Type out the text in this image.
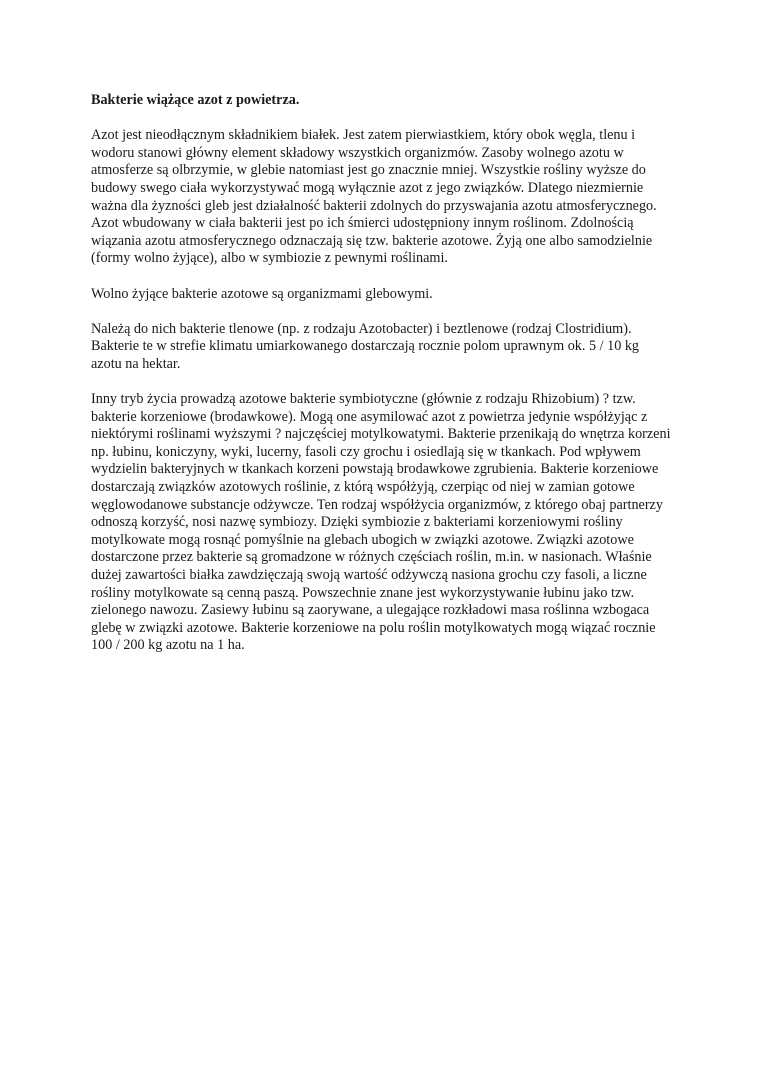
Bakterie wiążące azot z powietrza.

Azot jest nieodłącznym składnikiem białek. Jest zatem pierwiastkiem, który obok węgla, tlenu i wodoru stanowi główny element składowy wszystkich organizmów. Zasoby wolnego azotu w atmosferze są olbrzymie, w glebie natomiast jest go znacznie mniej. Wszystkie rośliny wyższe do budowy swego ciała wykorzystywać mogą wyłącznie azot z jego związków. Dlatego niezmiernie ważna dla żyzności gleb jest działalność bakterii zdolnych do przyswajania azotu atmosferycznego. Azot wbudowany w ciała bakterii jest po ich śmierci udostępniony innym roślinom. Zdolnością wiązania azotu atmosferycznego odznaczają się tzw. bakterie azotowe. Żyją one albo samodzielnie (formy wolno żyjące), albo w symbiozie z pewnymi roślinami.

Wolno żyjące bakterie azotowe są organizmami glebowymi.

Należą do nich bakterie tlenowe (np. z rodzaju Azotobacter) i beztlenowe (rodzaj Clostridium). Bakterie te w strefie klimatu umiarkowanego dostarczają rocznie polom uprawnym ok. 5 / 10 kg azotu na hektar.

Inny tryb życia prowadzą azotowe bakterie symbiotyczne (głównie z rodzaju Rhizobium) ? tzw. bakterie korzeniowe (brodawkowe). Mogą one asymilować azot z powietrza jedynie współżyjąc z niektórymi roślinami wyższymi ? najczęściej motylkowatymi. Bakterie przenikają do wnętrza korzeni np. łubinu, koniczyny, wyki, lucerny, fasoli czy grochu i osiedlają się w tkankach. Pod wpływem wydzielin bakteryjnych w tkankach korzeni powstają brodawkowe zgrubienia. Bakterie korzeniowe dostarczają związków azotowych roślinie, z którą współżyją, czerpiąc od niej w zamian gotowe węglowodanowe substancje odżywcze. Ten rodzaj współżycia organizmów, z którego obaj partnerzy odnoszą korzyść, nosi nazwę symbiozy. Dzięki symbiozie z bakteriami korzeniowymi rośliny motylkowate mogą rosnąć pomyślnie na glebach ubogich w związki azotowe. Związki azotowe dostarczone przez bakterie są gromadzone w różnych częściach roślin, m.in. w nasionach. Właśnie dużej zawartości białka zawdzięczają swoją wartość odżywczą nasiona grochu czy fasoli, a liczne rośliny motylkowate są cenną paszą. Powszechnie znane jest wykorzystywanie łubinu jako tzw. zielonego nawozu. Zasiewy łubinu są zaorywane, a ulegające rozkładowi masa roślinna wzbogaca glebę w związki azotowe. Bakterie korzeniowe na polu roślin motylkowatych mogą wiązać rocznie 100 / 200 kg azotu na 1 ha.
